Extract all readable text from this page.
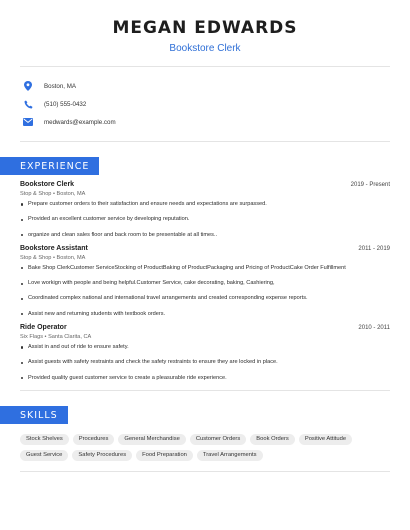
MEGAN EDWARDS
Bookstore Clerk
Boston, MA
(510) 555-0432
medwards@example.com
EXPERIENCE
Bookstore Clerk	2019 - Present
Stop & Shop • Boston, MA
Prepare customer orders to their satisfaction and ensure needs and expectations are surpassed.
Provided an excellent customer service by developing reputation.
organize and clean sales floor and back room to be presentable at all times..
Bookstore Assistant	2011 - 2019
Stop & Shop • Boston, MA
Bake Shop ClerkCustomer ServiceStocking of ProductBaking of ProductPackaging and Pricing of ProductCake Order Fulfillment
Love workign with people and being helpful.Customer Service, cake decorating, baking, Cashiering,
Coordinated complex national and international travel arrangements and created corresponding expense reports.
Assist new and returning students with textbook orders.
Ride Operator	2010 - 2011
Six Flags • Santa Clarita, CA
Assist in and out of ride to ensure safety.
Assist guests with safety restraints and check the safety restraints to ensure they are locked in place.
Provided quality guest customer service to create a pleasurable ride experience.
SKILLS
Stock Shelves	Procedures	General Merchandise	Customer Orders	Book Orders	Positive Attitude
Guest Service	Safety Procedures	Food Preparation	Travel Arrangements
